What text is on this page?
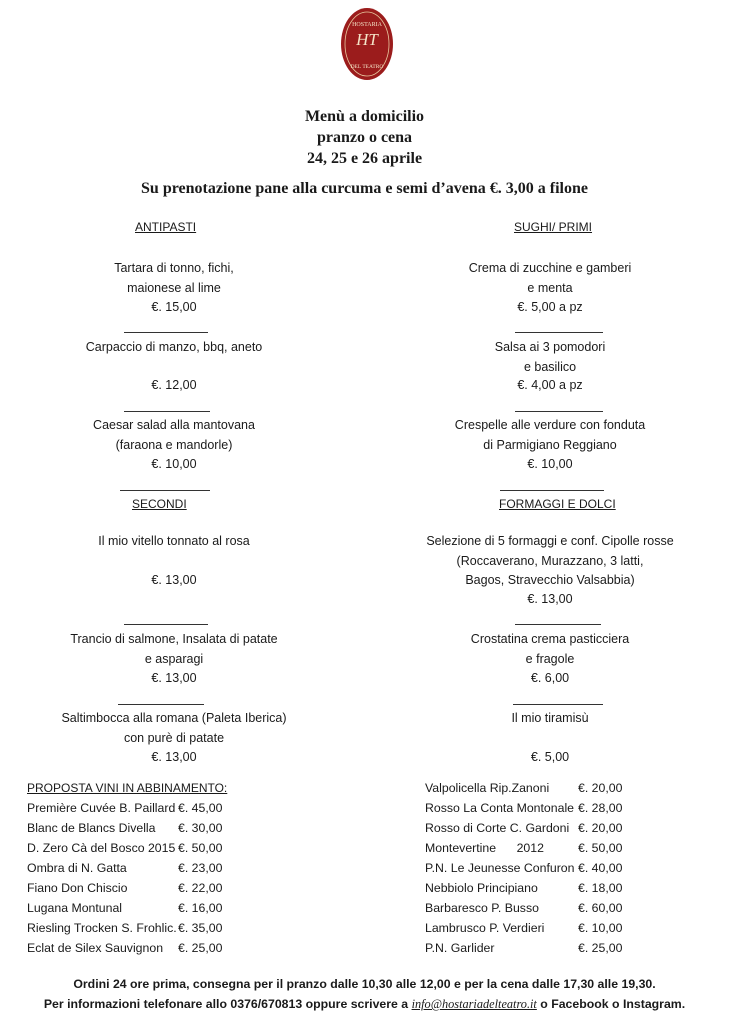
HT
HOSTARIA
DEL TEATRO
Menù a domicilio
pranzo o cena
24, 25 e 26 aprile
Su prenotazione pane alla curcuma e semi d’avena €. 3,00 a filone
ANTIPASTI
Tartara di tonno, fichi,
maionese al lime
€. 15,00
Carpaccio di manzo, bbq, aneto
€. 12,00
Caesar salad alla mantovana
(faraona e mandorle)
€. 10,00
SECONDI
Il mio vitello tonnato al rosa
€. 13,00
Trancio di salmone, Insalata di patate
e asparagi
€. 13,00
Saltimbocca alla romana (Paleta Iberica)
con purè di patate
€. 13,00
SUGHI/ PRIMI
Crema di zucchine e gamberi
e menta
€. 5,00 a pz
Salsa ai 3 pomodori
e basilico
€. 4,00 a pz
Crespelle alle verdure con fonduta
di Parmigiano Reggiano
€. 10,00
FORMAGGI E DOLCI
Selezione di 5 formaggi e conf. Cipolle rosse
(Roccaverano, Murazzano, 3 latti,
Bagos, Stravecchio Valsabbia)
€. 13,00
Crostatina crema pasticciera
e fragole
€. 6,00
Il mio tiramisù
€. 5,00
PROPOSTA VINI IN ABBINAMENTO:
Première Cuvée B. Paillard
Blanc de Blancs Divella
D. Zero Cà del Bosco 2015
Ombra di N. Gatta
Fiano Don Chiscio
Lugana Montunal
Riesling Trocken S. Frohlic.
Eclat de Silex Sauvignon
€. 45,00
€. 30,00
€. 50,00
€. 23,00
€. 22,00
€. 16,00
€. 35,00
€. 25,00
Valpolicella Rip.Zanoni
Rosso La Conta Montonale
Rosso di Corte C. Gardoni
Montevertine      2012
P.N. Le Jeunesse Confuron
Nebbiolo Principiano
Barbaresco P. Busso
Lambrusco P. Verdieri
P.N. Garlider
€. 20,00
€. 28,00
€. 20,00
€. 50,00
€. 40,00
€. 18,00
€. 60,00
€. 10,00
€. 25,00
Ordini 24 ore prima, consegna per il pranzo dalle 10,30 alle 12,00 e per la cena dalle 17,30 alle 19,30.
Per informazioni telefonare allo 0376/670813 oppure scrivere a info@hostariadelteatro.it o Facebook o Instagram.
